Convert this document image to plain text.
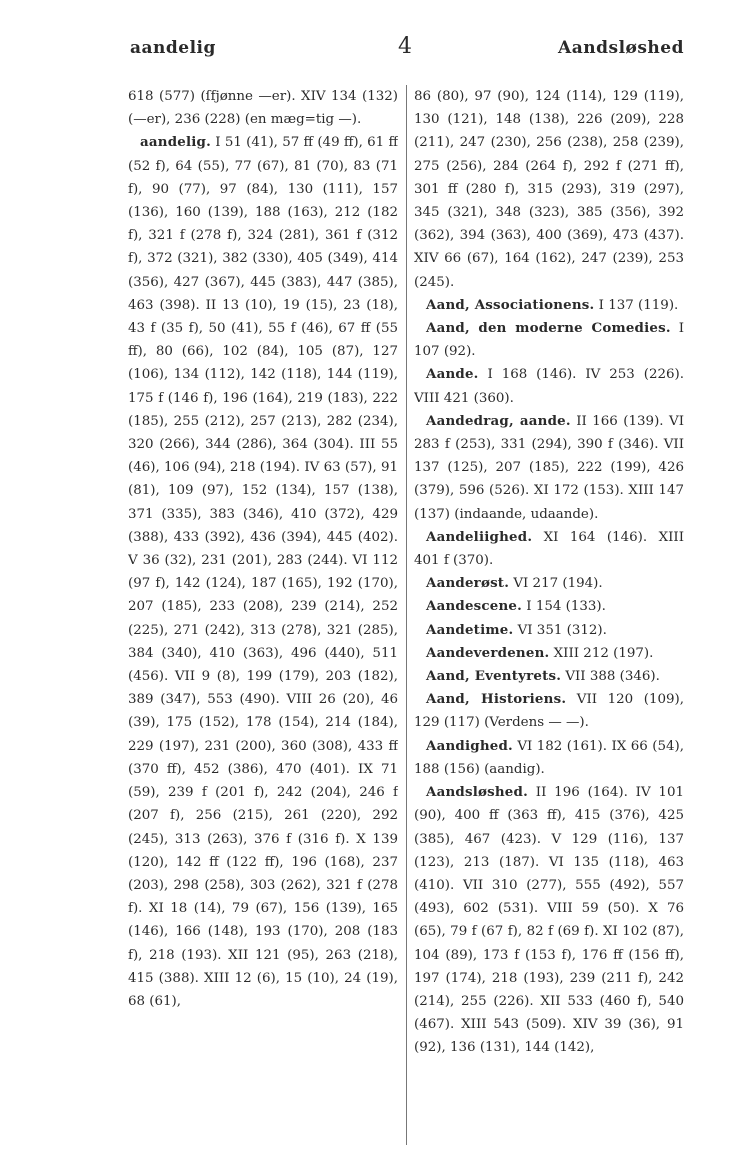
aandelig	4	Aandsløshed

618 (577) (ſfjønne —er). XIV 134 (132) (—er), 236 (228) (en mæg=tig —).

aandelig. I 51 (41), 57 ff (49 ff), 61 ff (52 f), 64 (55), 77 (67), 81 (70), 83 (71 f), 90 (77), 97 (84), 130 (111), 157 (136), 160 (139), 188 (163), 212 (182 f), 321 f (278 f), 324 (281), 361 f (312 f), 372 (321), 382 (330), 405 (349), 414 (356), 427 (367), 445 (383), 447 (385), 463 (398). II 13 (10), 19 (15), 23 (18), 43 f (35 f), 50 (41), 55 f (46), 67 ff (55 ff), 80 (66), 102 (84), 105 (87), 127 (106), 134 (112), 142 (118), 144 (119), 175 f (146 f), 196 (164), 219 (183), 222 (185), 255 (212), 257 (213), 282 (234), 320 (266), 344 (286), 364 (304). III 55 (46), 106 (94), 218 (194). IV 63 (57), 91 (81), 109 (97), 152 (134), 157 (138), 371 (335), 383 (346), 410 (372), 429 (388), 433 (392), 436 (394), 445 (402). V 36 (32), 231 (201), 283 (244). VI 112 (97 f), 142 (124), 187 (165), 192 (170), 207 (185), 233 (208), 239 (214), 252 (225), 271 (242), 313 (278), 321 (285), 384 (340), 410 (363), 496 (440), 511 (456). VII 9 (8), 199 (179), 203 (182), 389 (347), 553 (490). VIII 26 (20), 46 (39), 175 (152), 178 (154), 214 (184), 229 (197), 231 (200), 360 (308), 433 ff (370 ff), 452 (386), 470 (401). IX 71 (59), 239 f (201 f), 242 (204), 246 f (207 f), 256 (215), 261 (220), 292 (245), 313 (263), 376 f (316 f). X 139 (120), 142 ff (122 ff), 196 (168), 237 (203), 298 (258), 303 (262), 321 f (278 f). XI 18 (14), 79 (67), 156 (139), 165 (146), 166 (148), 193 (170), 208 (183 f), 218 (193). XII 121 (95), 263 (218), 415 (388). XIII 12 (6), 15 (10), 24 (19), 68 (61),

86 (80), 97 (90), 124 (114), 129 (119), 130 (121), 148 (138), 226 (209), 228 (211), 247 (230), 256 (238), 258 (239), 275 (256), 284 (264 f), 292 f (271 ff), 301 ff (280 f), 315 (293), 319 (297), 345 (321), 348 (323), 385 (356), 392 (362), 394 (363), 400 (369), 473 (437). XIV 66 (67), 164 (162), 247 (239), 253 (245).

Aand, Associationens. I 137 (119).

Aand, den moderne Comedies. I 107 (92).

Aande. I 168 (146). IV 253 (226). VIII 421 (360).

Aandedrag, aande. II 166 (139). VI 283 f (253), 331 (294), 390 f (346). VII 137 (125), 207 (185), 222 (199), 426 (379), 596 (526). XI 172 (153). XIII 147 (137) (indaande, udaande).

Aandeliighed. XI 164 (146). XIII 401 f (370).

Aanderøst. VI 217 (194).

Aandescene. I 154 (133).

Aandetime. VI 351 (312).

Aandeverdenen. XIII 212 (197).

Aand, Eventyrets. VII 388 (346).

Aand, Historiens. VII 120 (109), 129 (117) (Verdens — —).

Aandighed. VI 182 (161). IX 66 (54), 188 (156) (aandig).

Aandsløshed. II 196 (164). IV 101 (90), 400 ff (363 ff), 415 (376), 425 (385), 467 (423). V 129 (116), 137 (123), 213 (187). VI 135 (118), 463 (410). VII 310 (277), 555 (492), 557 (493), 602 (531). VIII 59 (50). X 76 (65), 79 f (67 f), 82 f (69 f). XI 102 (87), 104 (89), 173 f (153 f), 176 ff (156 ff), 197 (174), 218 (193), 239 (211 f), 242 (214), 255 (226). XII 533 (460 f), 540 (467). XIII 543 (509). XIV 39 (36), 91 (92), 136 (131), 144 (142),
